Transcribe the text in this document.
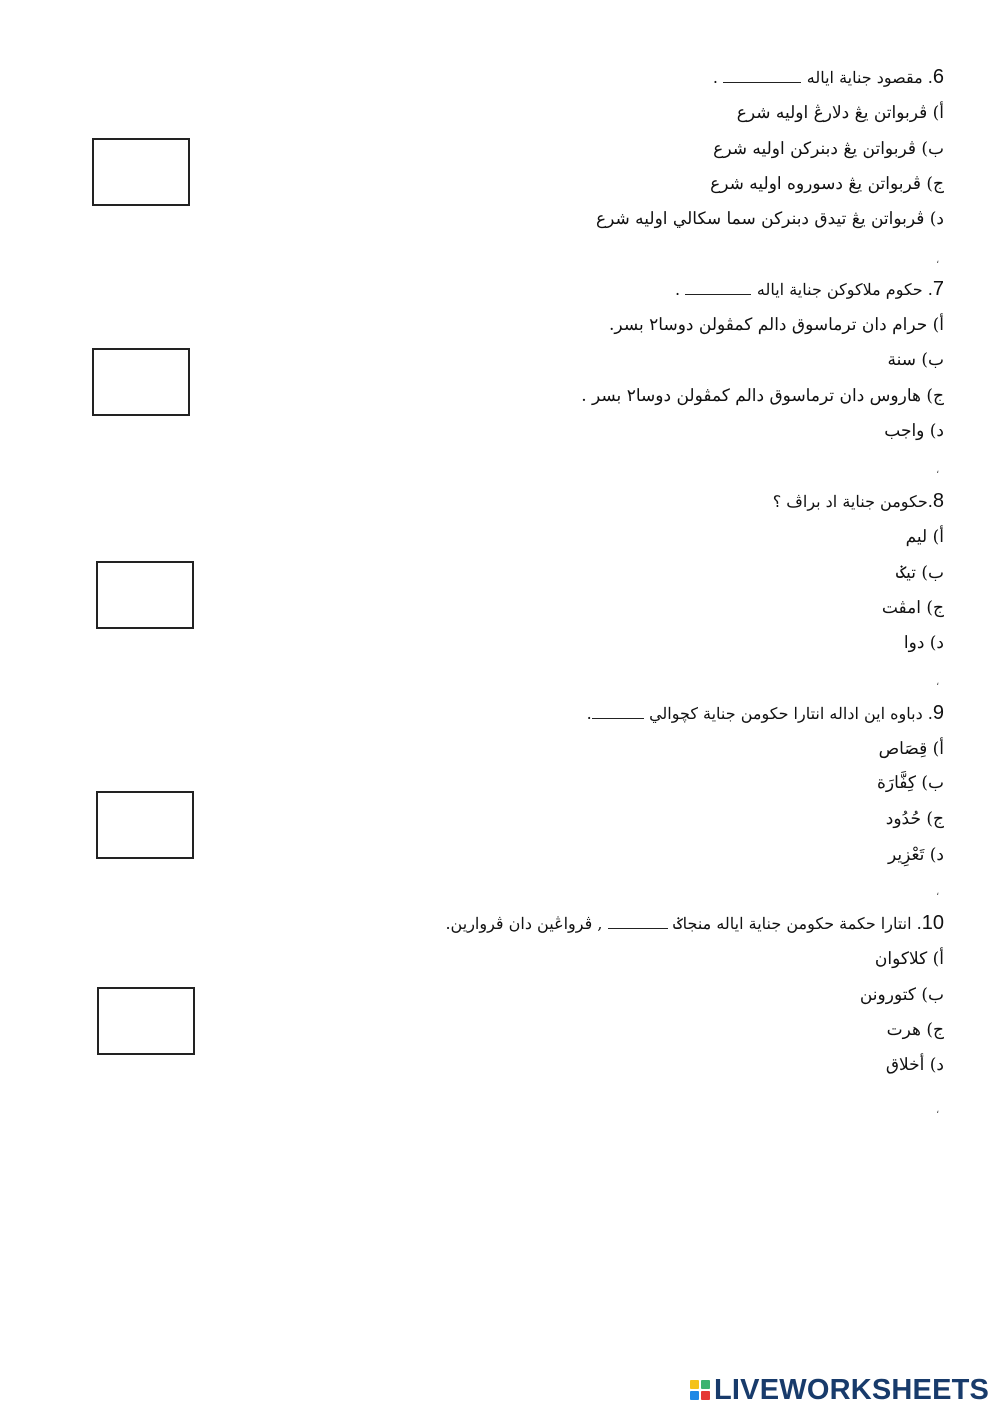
6. مقصود جناية اياله  .
أ) ڤربواتن يڠ دلارڠ اوليه شرع
ب) ڤربواتن يڠ دبنركن اوليه شرع
ج) ڤربواتن يڠ دسوروه اوليه شرع
د) ڤربواتن يڠ تيدق دبنركن سما سكالي اوليه شرع
7. حكوم ملاكوكن جناية اياله  .
أ) حرام دان ترماسوق دالم كمڤولن دوسا٢ بسر.
ب) سنة
ج) هاروس دان ترماسوق دالم كمڤولن دوسا٢ بسر .
د) واجب
8.حكومن جناية اد براڤ ؟
أ) ليم
ب) تيݢ
ج) امڤت
د) دوا
9. دباوه اين اداله انتارا حكومن جناية كچوالي .
أ) قِصَاص
ب) كِفَّارَة
ج) حُدُود
د) تَعْزِير
10. انتارا حكمة حكومن جناية اياله منجاݢ  , ڤرواڠين دان ڤروارين.
أ) كلاكوان
ب) كتورونن
ج) هرت
د) أخلاق
،
،
،
،
،
LIVEWORKSHEETS
